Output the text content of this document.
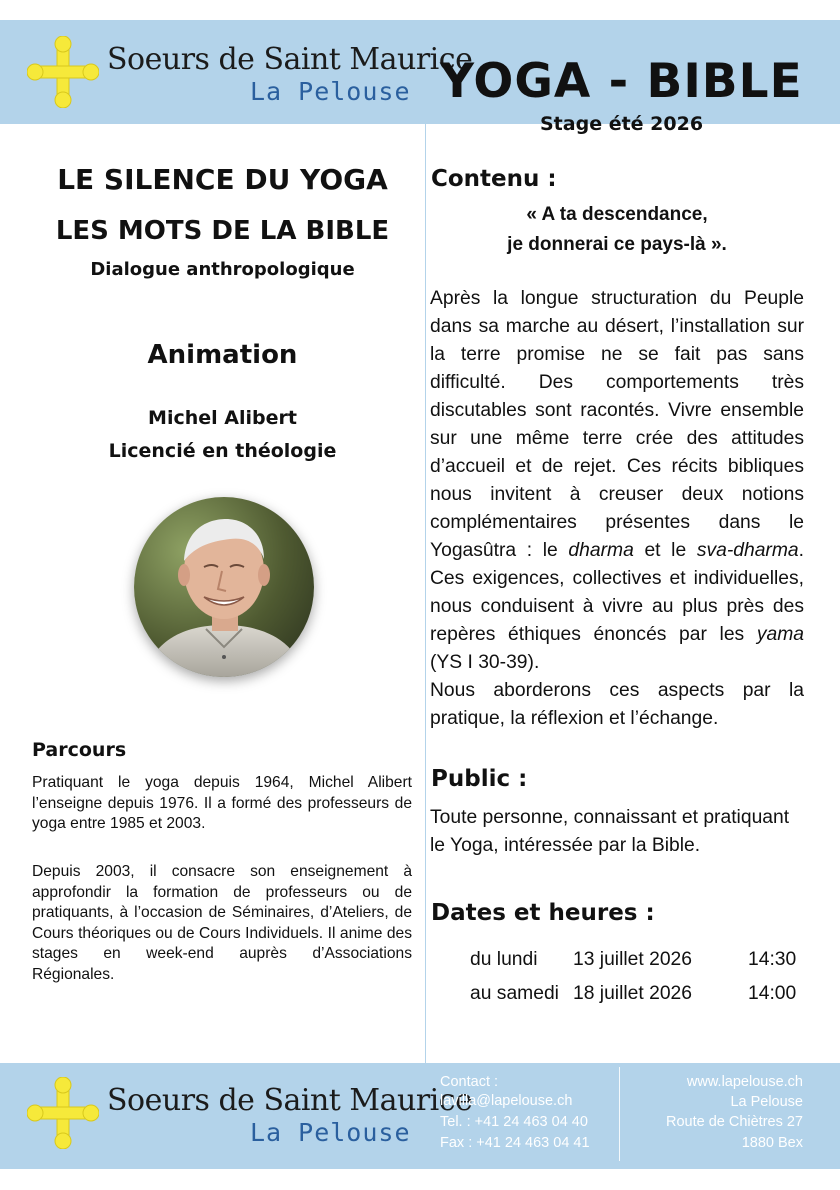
Soeurs de Saint Maurice
La Pelouse YOGA - BIBLE
Stage été 2026
LE SILENCE DU YOGA
LES MOTS DE LA BIBLE
Dialogue anthropologique
Animation
Michel Alibert
Licencié en théologie
Parcours

Pratiquant le yoga depuis 1964, Michel Alibert l’enseigne depuis 1976. Il a formé des professeurs de yoga entre 1985 et 2003.

Depuis 2003, il consacre son enseignement à approfondir la formation de professeurs ou de pratiquants, à l’occasion de Séminaires, d’Ateliers, de Cours théoriques ou de Cours Individuels. Il anime des stages en week-end auprès d’Associations Régionales.

Contenu :
« A ta descendance,
je donnerai ce pays-là ».

Après la longue structuration du Peuple dans sa marche au désert, l’installation sur la terre promise ne se fait pas sans difficulté. Des comportements très discutables sont racontés. Vivre ensemble sur une même terre crée des attitudes d’accueil et de rejet. Ces récits bibliques nous invitent à creuser deux notions complémentaires présentes dans le Yogasûtra : le dharma et le sva-dharma. Ces exigences, collectives et individuelles, nous conduisent à vivre au plus près des repères éthiques énoncés par les yama (YS I 30-39).
Nous aborderons ces aspects par la pratique, la réflexion et l’échange.

Public :

Toute personne, connaissant et pratiquant le Yoga, intéressée par la Bible.

Dates et heures :
du lundi 13 juillet 2026	14:30
au samedi 18 juillet 2026	14:00
Soeurs de Saint Maurice
La Pelouse
Contact :
lavilla@lapelouse.ch
Tel. : +41 24 463 04 40
Fax : +41 24 463 04 41
www.lapelouse.ch
La Pelouse
Route de Chiètres 27
1880 Bex
